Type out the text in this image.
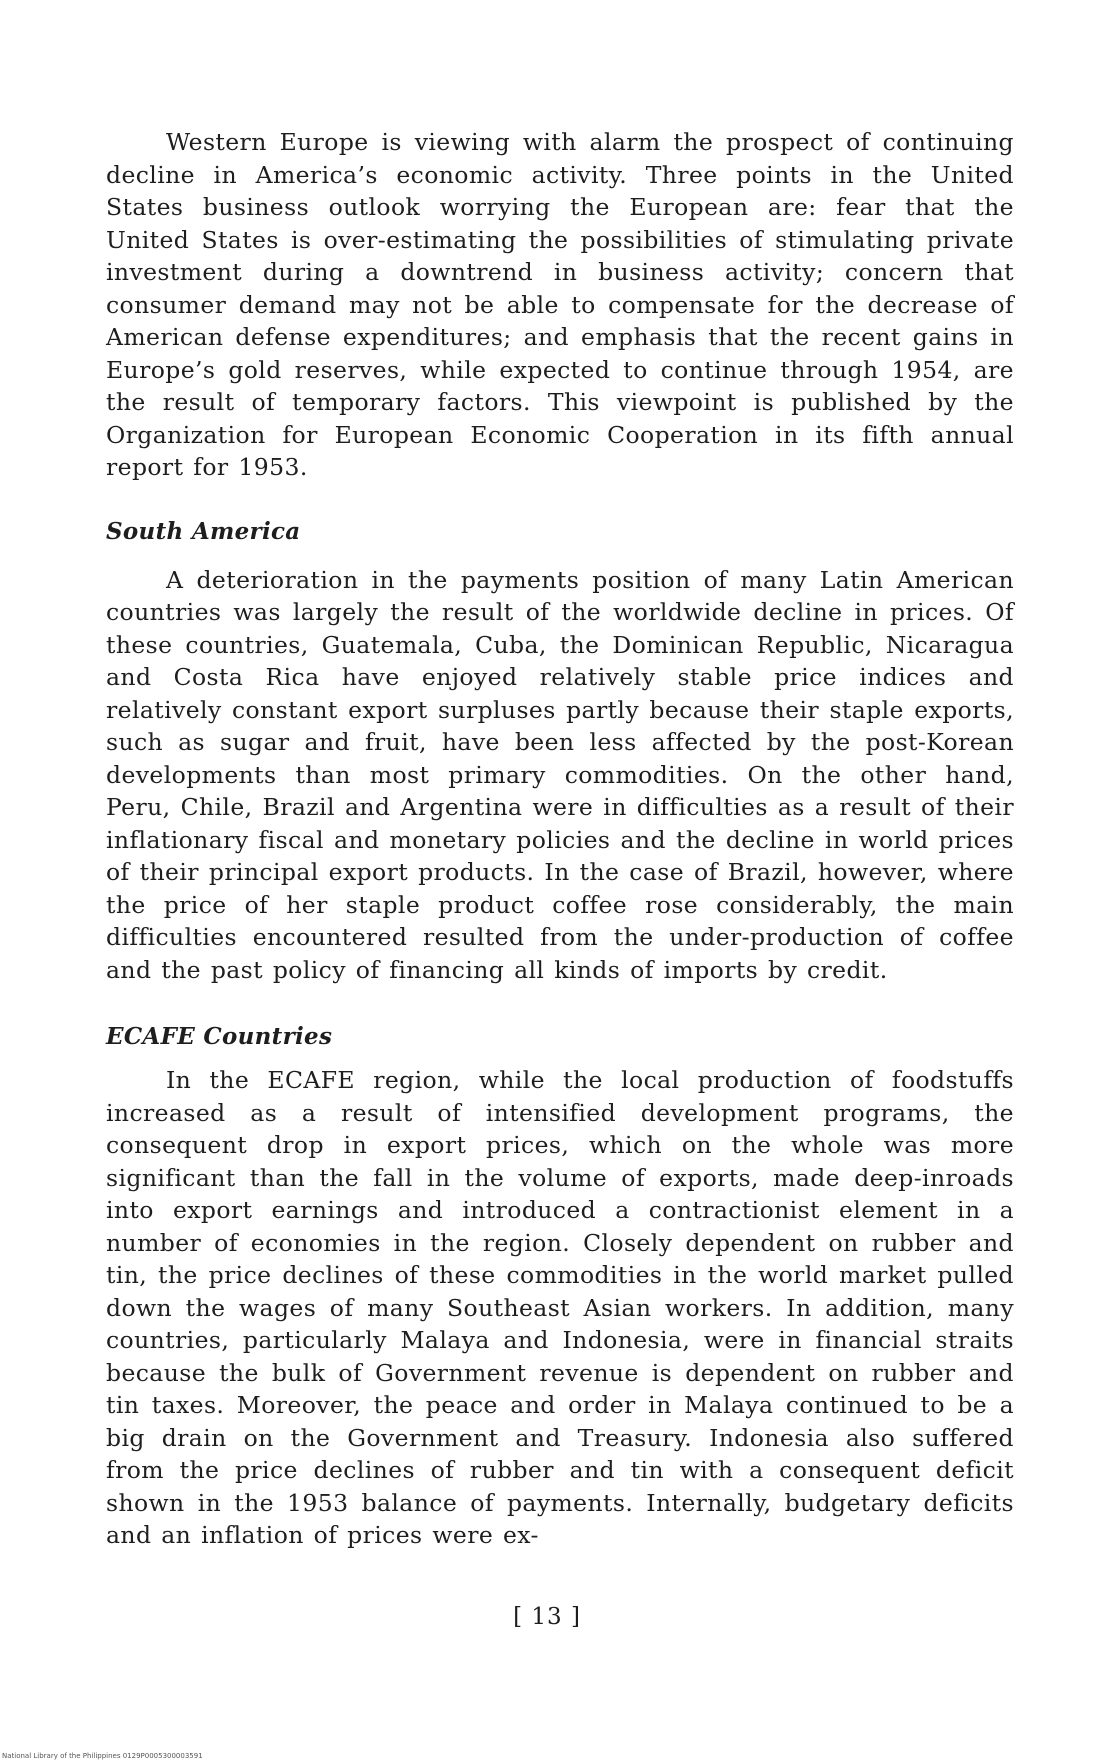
Western Europe is viewing with alarm the prospect of continuing decline in America’s economic activity. Three points in the United States business outlook worrying the European are: fear that the United States is over-estimating the possibilities of stimulating private investment during a downtrend in business activity; concern that consumer demand may not be able to compensate for the decrease of American defense expenditures; and emphasis that the recent gains in Europe’s gold reserves, while expected to continue through 1954, are the result of temporary factors. This viewpoint is published by the Organization for European Economic Cooperation in its fifth annual report for 1953.

South America

A deterioration in the payments position of many Latin American countries was largely the result of the worldwide decline in prices. Of these countries, Guatemala, Cuba, the Dominican Republic, Nicaragua and Costa Rica have enjoyed relatively stable price indices and relatively constant export surpluses partly because their staple exports, such as sugar and fruit, have been less affected by the post-Korean developments than most primary commodities. On the other hand, Peru, Chile, Brazil and Argentina were in difficulties as a result of their inflationary fiscal and monetary policies and the decline in world prices of their principal export products. In the case of Brazil, however, where the price of her staple product coffee rose considerably, the main difficulties encountered resulted from the under-production of coffee and the past policy of financing all kinds of imports by credit.

ECAFE Countries

In the ECAFE region, while the local production of foodstuffs increased as a result of intensified development programs, the consequent drop in export prices, which on the whole was more significant than the fall in the volume of exports, made deep-inroads into export earnings and introduced a contractionist element in a number of economies in the region. Closely dependent on rubber and tin, the price declines of these commodities in the world market pulled down the wages of many Southeast Asian workers. In addition, many countries, particularly Malaya and Indonesia, were in financial straits because the bulk of Government revenue is dependent on rubber and tin taxes. Moreover, the peace and order in Malaya continued to be a big drain on the Government and Treasury. Indonesia also suffered from the price declines of rubber and tin with a consequent deficit shown in the 1953 balance of payments. Internally, budgetary deficits and an inflation of prices were ex-

[ 13 ]
National Library of the Philippines 0129P0005300003591
